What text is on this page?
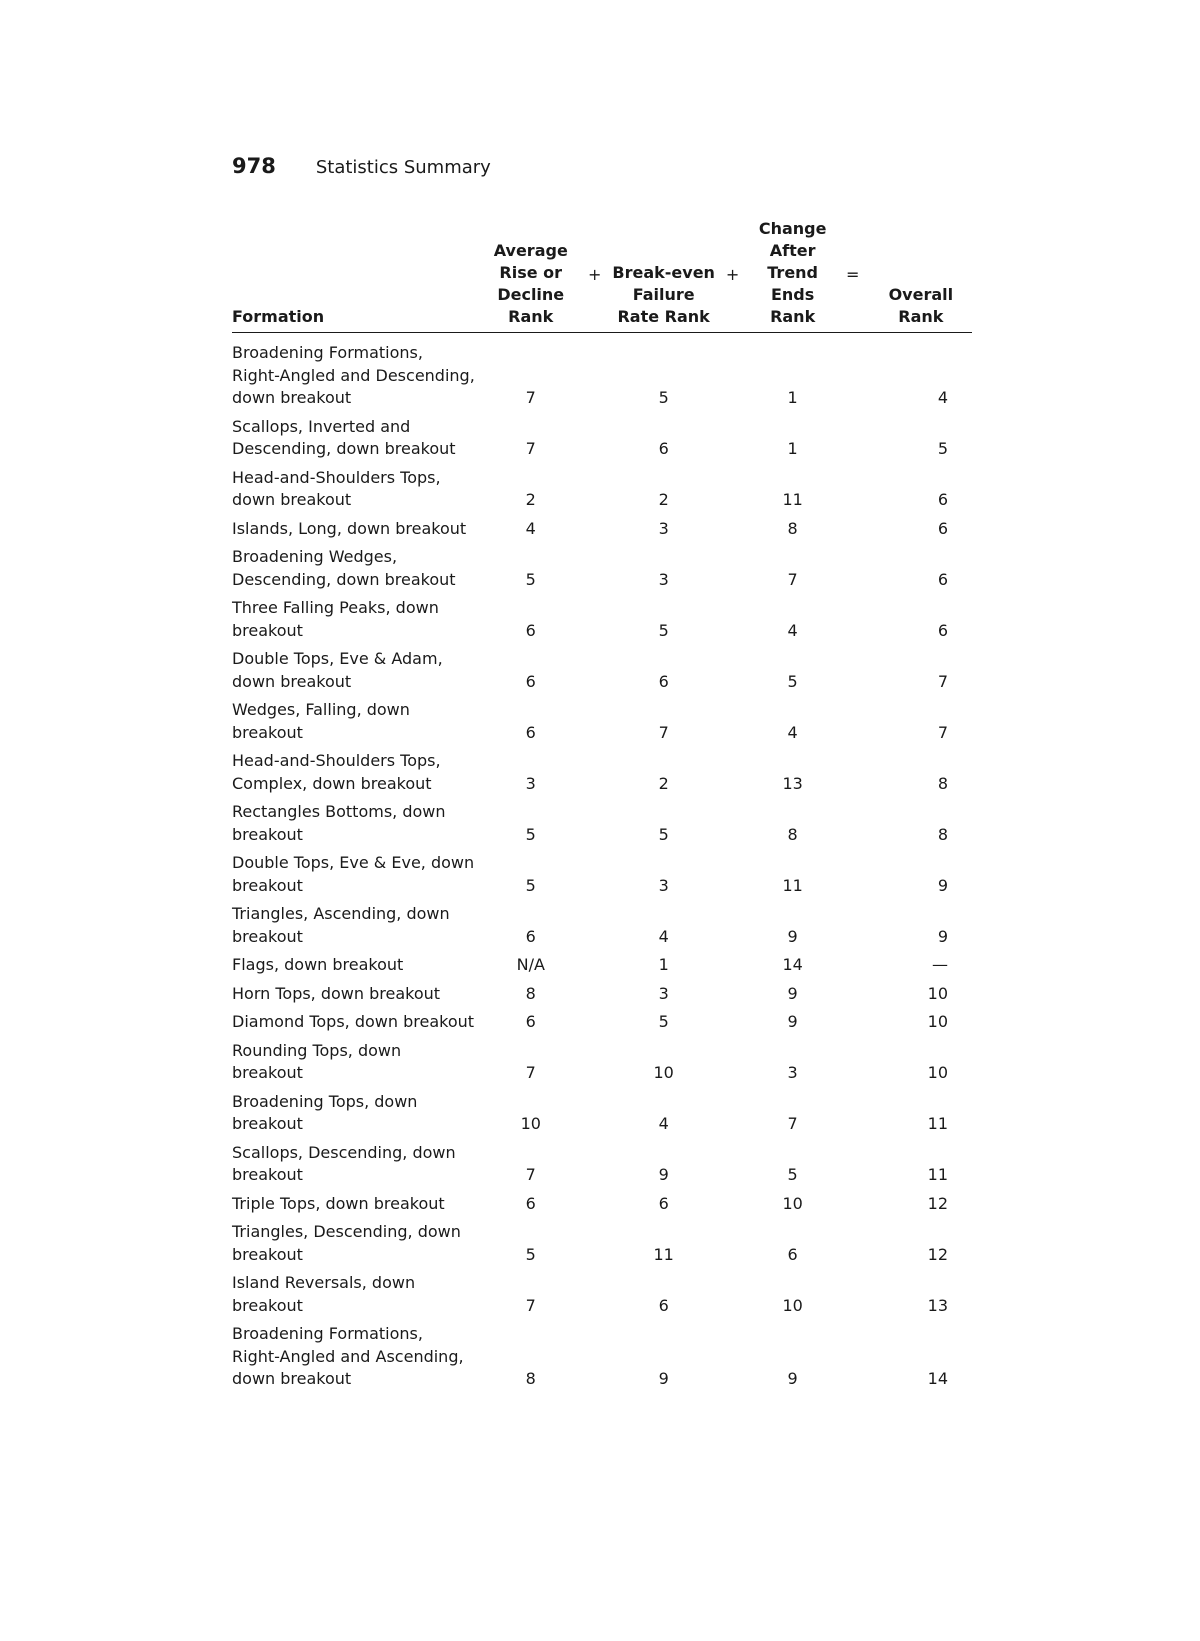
978 Statistics Summary
Formation	Average Rise or Decline Rank	+	Break-even Failure Rate Rank	+	Change After Trend Ends Rank	=	Overall Rank
Broadening Formations, Right-Angled and Descending, down breakout	7		5		1		4
Scallops, Inverted and Descending, down breakout	7		6		1		5
Head-and-Shoulders Tops, down breakout	2		2		11		6
Islands, Long, down breakout	4		3		8		6
Broadening Wedges, Descending, down breakout	5		3		7		6
Three Falling Peaks, down breakout	6		5		4		6
Double Tops, Eve & Adam, down breakout	6		6		5		7
Wedges, Falling, down breakout	6		7		4		7
Head-and-Shoulders Tops, Complex, down breakout	3		2		13		8
Rectangles Bottoms, down breakout	5		5		8		8
Double Tops, Eve & Eve, down breakout	5		3		11		9
Triangles, Ascending, down breakout	6		4		9		9
Flags, down breakout	N/A		1		14		—
Horn Tops, down breakout	8		3		9		10
Diamond Tops, down breakout	6		5		9		10
Rounding Tops, down breakout	7		10		3		10
Broadening Tops, down breakout	10		4		7		11
Scallops, Descending, down breakout	7		9		5		11
Triple Tops, down breakout	6		6		10		12
Triangles, Descending, down breakout	5		11		6		12
Island Reversals, down breakout	7		6		10		13
Broadening Formations, Right-Angled and Ascending, down breakout	8		9		9		14
